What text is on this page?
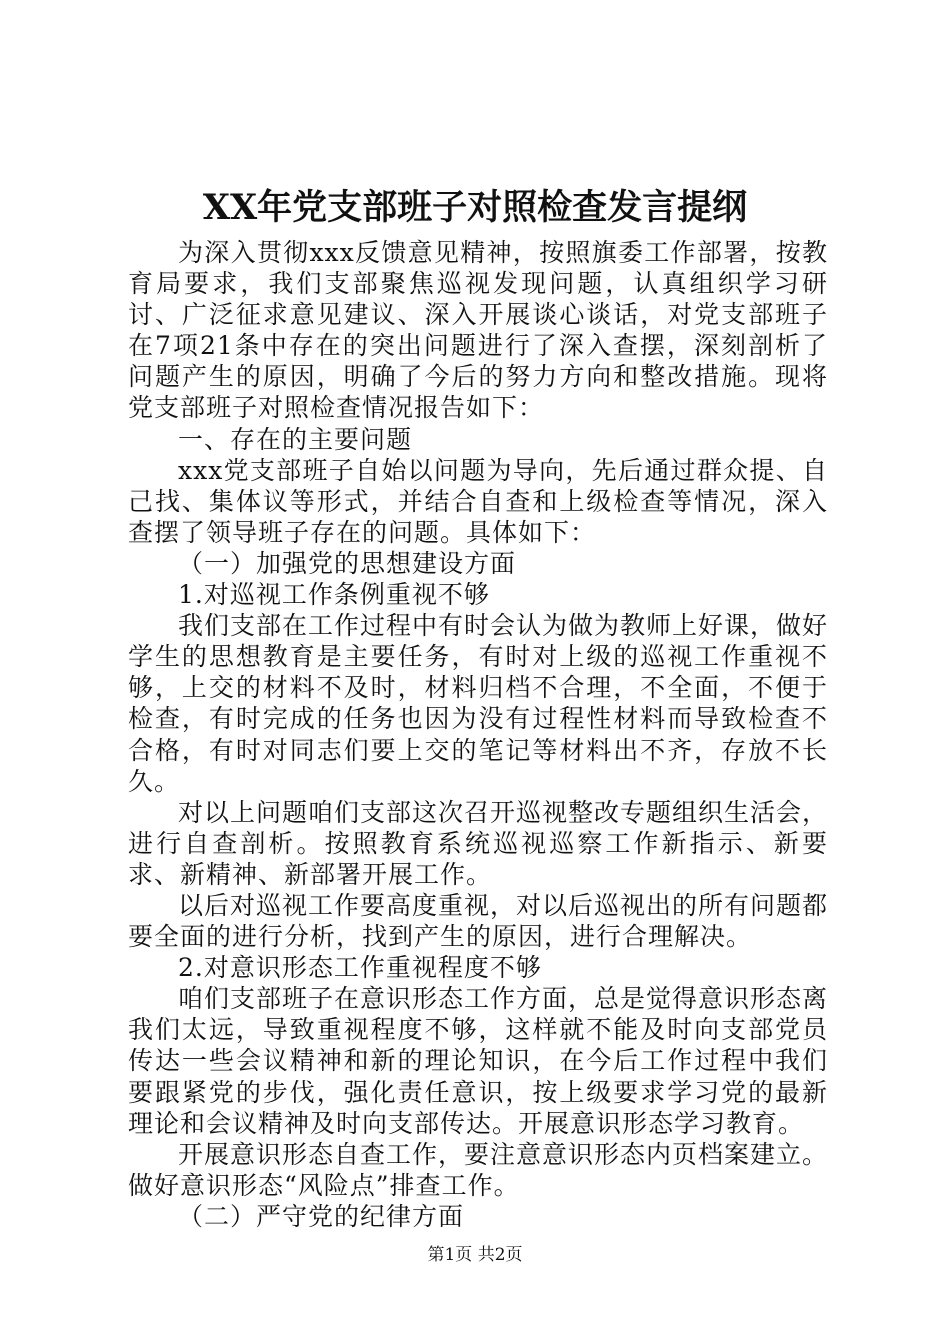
XX年党支部班子对照检查发言提纲

为深入贯彻xxx反馈意见精神，按照旗委工作部署，按教育局要求，我们支部聚焦巡视发现问题，认真组织学习研讨、广泛征求意见建议、深入开展谈心谈话，对党支部班子在7项21条中存在的突出问题进行了深入查摆，深刻剖析了问题产生的原因，明确了今后的努力方向和整改措施。现将党支部班子对照检查情况报告如下：

一、存在的主要问题

xxx党支部班子自始以问题为导向，先后通过群众提、自己找、集体议等形式，并结合自查和上级检查等情况，深入查摆了领导班子存在的问题。具体如下：

（一）加强党的思想建设方面

1.对巡视工作条例重视不够

我们支部在工作过程中有时会认为做为教师上好课，做好学生的思想教育是主要任务，有时对上级的巡视工作重视不够，上交的材料不及时，材料归档不合理，不全面，不便于检查，有时完成的任务也因为没有过程性材料而导致检查不合格，有时对同志们要上交的笔记等材料出不齐，存放不长久。

对以上问题咱们支部这次召开巡视整改专题组织生活会，进行自查剖析。按照教育系统巡视巡察工作新指示、新要求、新精神、新部署开展工作。

以后对巡视工作要高度重视，对以后巡视出的所有问题都要全面的进行分析，找到产生的原因，进行合理解决。

2.对意识形态工作重视程度不够

咱们支部班子在意识形态工作方面，总是觉得意识形态离我们太远，导致重视程度不够，这样就不能及时向支部党员传达一些会议精神和新的理论知识，在今后工作过程中我们要跟紧党的步伐，强化责任意识，按上级要求学习党的最新理论和会议精神及时向支部传达。开展意识形态学习教育。

开展意识形态自查工作，要注意意识形态内页档案建立。做好意识形态“风险点”排查工作。

（二）严守党的纪律方面

第1页 共2页
